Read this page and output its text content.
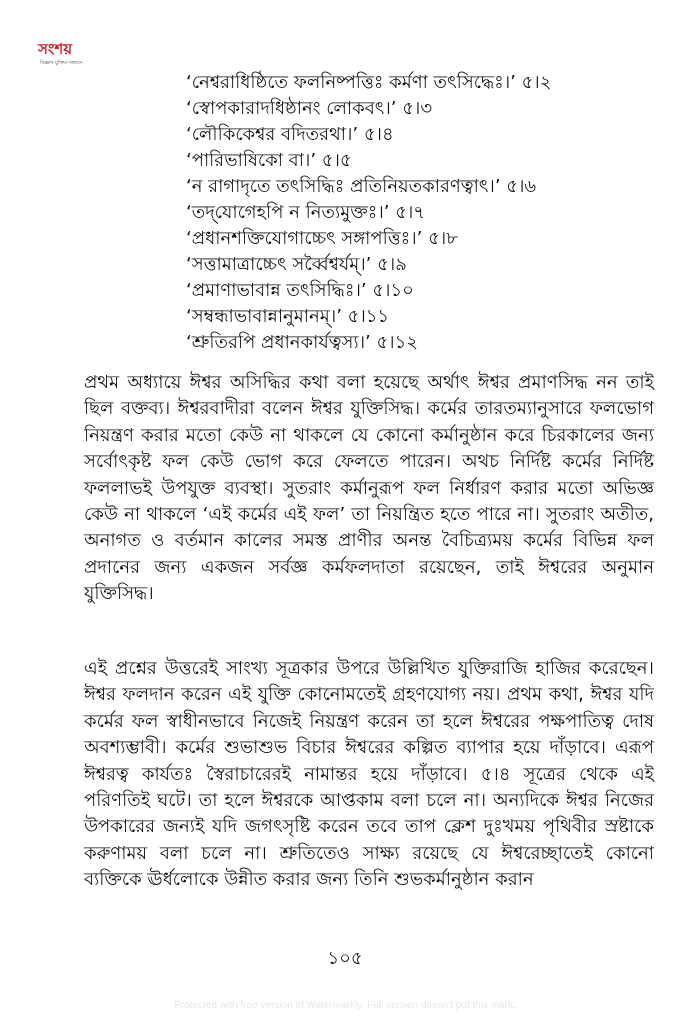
সংশয়
বিজ্ঞান যুক্তির সন্ধানে
‘নেশ্বরাধিষ্ঠিতে ফলনিষ্পত্তিঃ কর্মণা তৎসিদ্ধেঃ।’ ৫।২
‘স্বোপকারাদধিষ্ঠানং লোকবৎ।’ ৫।৩
‘লৌকিকেশ্বর বদিতরথা।’ ৫।৪
‘পারিভাষিকো বা।’ ৫।৫
‘ন রাগাদৃতে তৎসিদ্ধিঃ প্রতিনিয়তকারণত্বাৎ।’ ৫।৬
‘তদ্‌যোগেহপি ন নিত্যমুক্তঃ।’ ৫।৭
‘প্রধানশক্তিযোগাচ্চেৎ সঙ্গাপত্তিঃ।’ ৫।৮
‘সত্তামাত্রাচ্চেৎ সর্ব্বৈশ্বর্যম্‌।’ ৫।৯
‘প্রমাণাভাবান্ন তৎসিদ্ধিঃ।’ ৫।১০
‘সম্বন্ধাভাবান্নানুমানম্‌।’ ৫।১১
‘শ্রুতিরপি প্রধানকার্যত্বস্য।’ ৫।১২

প্রথম অধ্যায়ে ঈশ্বর অসিদ্ধির কথা বলা হয়েছে অর্থাৎ ঈশ্বর প্রমাণসিদ্ধ নন তাই ছিল বক্তব্য। ঈশ্বরবাদীরা বলেন ঈশ্বর যুক্তিসিদ্ধ। কর্মের তারতম্যানুসারে ফলভোগ নিয়ন্ত্রণ করার মতো কেউ না থাকলে যে কোনো কর্মানুষ্ঠান করে চিরকালের জন্য সর্বোৎকৃষ্ট ফল কেউ ভোগ করে ফেলতে পারেন। অথচ নির্দিষ্ট কর্মের নির্দিষ্ট ফললাভই উপযুক্ত ব্যবস্থা। সুতরাং কর্মানুরূপ ফল নির্ধারণ করার মতো অভিজ্ঞ কেউ না থাকলে ‘এই কর্মের এই ফল’ তা নিয়ন্ত্রিত হতে পারে না। সুতরাং অতীত, অনাগত ও বর্তমান কালের সমস্ত প্রাণীর অনন্ত বৈচিত্র্যময় কর্মের বিভিন্ন ফল প্রদানের জন্য একজন সর্বজ্ঞ কর্মফলদাতা রয়েছেন, তাই ঈশ্বরের অনুমান যুক্তিসিদ্ধ।

এই প্রশ্নের উত্তরেই সাংখ্য সূত্রকার উপরে উল্লিখিত যুক্তিরাজি হাজির করেছেন। ঈশ্বর ফলদান করেন এই যুক্তি কোনোমতেই গ্রহণযোগ্য নয়। প্রথম কথা, ঈশ্বর যদি কর্মের ফল স্বাধীনভাবে নিজেই নিয়ন্ত্রণ করেন তা হলে ঈশ্বরের পক্ষপাতিত্ব দোষ অবশ্যম্ভাবী। কর্মের শুভাশুভ বিচার ঈশ্বরের কল্পিত ব্যাপার হয়ে দাঁড়াবে। এরূপ ঈশ্বরত্ব কার্যতঃ স্বৈরাচারেরই নামান্তর হয়ে দাঁড়াবে। ৫।৪ সূত্রের থেকে এই পরিণতিই ঘটে। তা হলে ঈশ্বরকে আপ্তকাম বলা চলে না। অন্যদিকে ঈশ্বর নিজের উপকারের জন্যই যদি জগৎসৃষ্টি করেন তবে তাপ ক্লেশ দুঃখময় পৃথিবীর স্রষ্টাকে করুণাময় বলা চলে না। শ্রুতিতেও সাক্ষ্য রয়েছে যে ঈশ্বরেচ্ছাতেই কোনো ব্যক্তিকে ঊর্ধলোকে উন্নীত করার জন্য তিনি শুভকর্মানুষ্ঠান করান

১০৫
Protected with free version of Watermarkly. Full version doesn't put this mark.
